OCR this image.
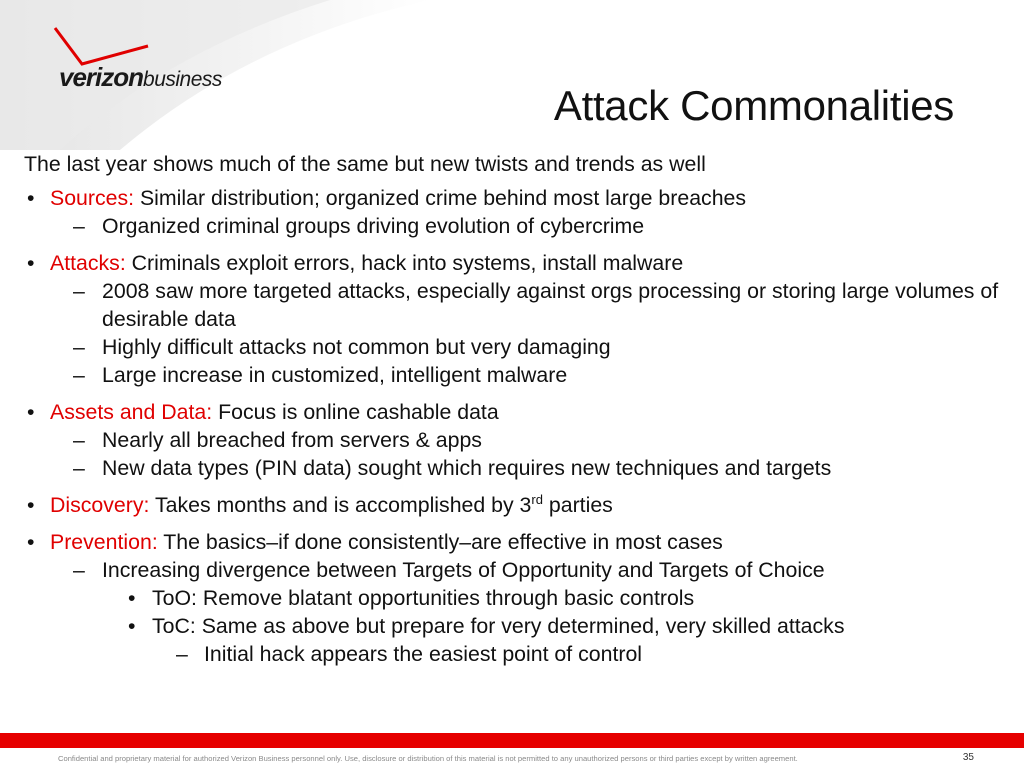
verizonbusiness
Attack Commonalities

The last year shows much of the same but new twists and trends as well

• Sources: Similar distribution; organized crime behind most large breaches

– Organized criminal groups driving evolution of cybercrime

• Attacks: Criminals exploit errors, hack into systems, install malware

– 2008 saw more targeted attacks, especially against orgs processing or storing large volumes of desirable data

– Highly difficult attacks not common but very damaging

– Large increase in customized, intelligent malware

• Assets and Data: Focus is online cashable data

– Nearly all breached from servers & apps

– New data types (PIN data) sought which requires new techniques and targets

• Discovery: Takes months and is accomplished by 3rd parties

• Prevention: The basics–if done consistently–are effective in most cases

– Increasing divergence between Targets of Opportunity and Targets of Choice

• ToO: Remove blatant opportunities through basic controls

• ToC: Same as above but prepare for very determined, very skilled attacks

– Initial hack appears the easiest point of control

Confidential and proprietary material for authorized Verizon Business personnel only. Use, disclosure or distribution of this material is not permitted to any unauthorized persons or third parties except by written agreement.	35
